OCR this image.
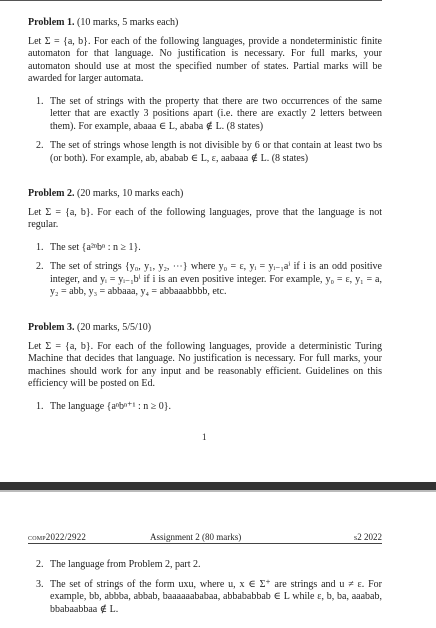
Problem 1. (10 marks, 5 marks each)

Let Σ = {a, b}. For each of the following languages, provide a nondeterministic finite automaton for that language. No justification is necessary. For full marks, your automaton should use at most the specified number of states. Partial marks will be awarded for larger automata.

1. The set of strings with the property that there are two occurrences of the same letter that are exactly 3 positions apart (i.e. there are exactly 2 letters between them). For example, abaaa ∈ L, ababa ∉ L. (8 states)
2. The set of strings whose length is not divisible by 6 or that contain at least two bs (or both). For example, ab, ababab ∈ L, ε, aabaaa ∉ L. (8 states)
Problem 2. (20 marks, 10 marks each)

Let Σ = {a, b}. For each of the following languages, prove that the language is not regular.

1. The set {a²ⁿbⁿ : n ≥ 1}.
2. The set of strings {y₀, y₁, y₂, ⋯} where y₀ = ε, yᵢ = yᵢ₋₁aⁱ if i is an odd positive integer, and yᵢ = yᵢ₋₁bⁱ if i is an even positive integer. For example, y₀ = ε, y₁ = a, y₂ = abb, y₃ = abbaaa, y₄ = abbaaabbbb, etc.
Problem 3. (20 marks, 5/5/10)

Let Σ = {a, b}. For each of the following languages, provide a deterministic Turing Machine that decides that language. No justification is necessary. For full marks, your machines should work for any input and be reasonably efficient. Guidelines on this efficiency will be posted on Ed.

1. The language {aⁿbⁿ⁺¹ : n ≥ 0}.
1
comp2022/2922	Assignment 2 (80 marks)	s2 2022
2. The language from Problem 2, part 2.
3. The set of strings of the form uxu, where u, x ∈ Σ⁺ are strings and u ≠ ε. For example, bb, abbba, abbab, baaaaaababaa, abbababbab ∈ L while ε, b, ba, aaabab, bbabaabbaa ∉ L.
